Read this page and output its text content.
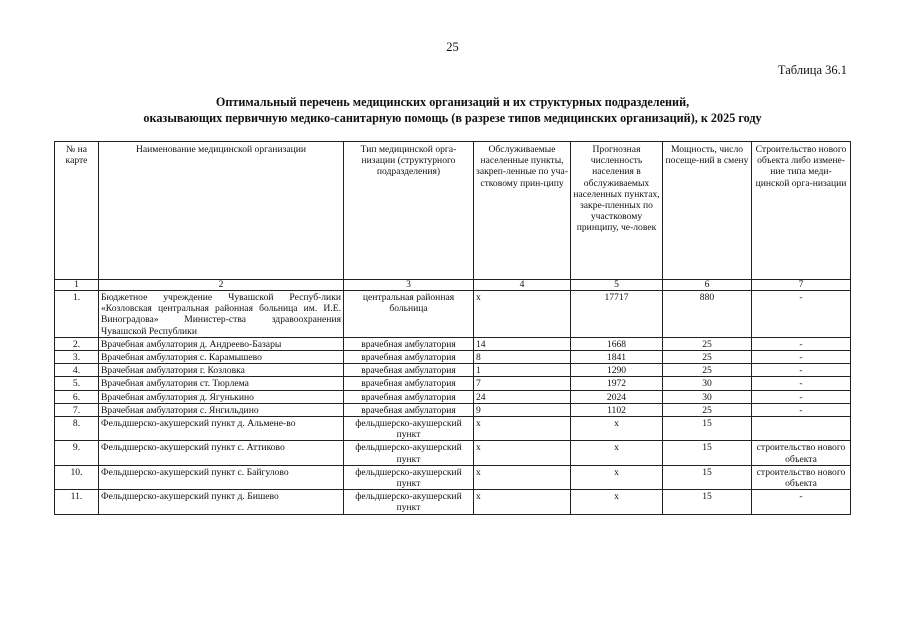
25
Таблица 36.1
Оптимальный перечень медицинских организаций и их структурных подразделений,
оказывающих первичную медико-санитарную помощь (в разрезе типов медицинских организаций), к 2025 году
№ на карте	Наименование медицинской организации	Тип медицинской орга-низации (структурного подразделения)	Обслуживаемые населенные пункты, закреп-ленные по уча-стковому прин-ципу	Прогнозная численность населения в обслуживаемых населенных пунктах, закре-пленных по участковому принципу, че-ловек	Мощность, число посеще-ний в смену	Строительство нового объекта либо измене-ние типа меди-цинской орга-низации
1	2	3	4	5	6	7
1.	Бюджетное учреждение Чувашской Респуб-лики «Козловская центральная районная больница им. И.Е. Виноградова» Министер-ства здравоохранения Чувашской Республики	центральная районная больница	х	17717	880	-
2.	Врачебная амбулатория д. Андреево-Базары	врачебная амбулатория	14	1668	25	-
3.	Врачебная амбулатория с. Карамышево	врачебная амбулатория	8	1841	25	-
4.	Врачебная амбулатория г. Козловка	врачебная амбулатория	1	1290	25	-
5.	Врачебная амбулатория ст. Тюрлема	врачебная амбулатория	7	1972	30	-
6.	Врачебная амбулатория д. Ягунькино	врачебная амбулатория	24	2024	30	-
7.	Врачебная амбулатория с. Янгильдино	врачебная амбулатория	9	1102	25	-
8.	Фельдшерско-акушерский пункт д. Альмене-во	фельдшерско-акушерский пункт	х	х	15	
9.	Фельдшерско-акушерский пункт с. Аттиково	фельдшерско-акушерский пункт	х	х	15	строительство нового объекта
10.	Фельдшерско-акушерский пункт с. Байгулово	фельдшерско-акушерский пункт	х	х	15	строительство нового объекта
11.	Фельдшерско-акушерский пункт д. Бишево	фельдшерско-акушерский пункт	х	х	15	-
